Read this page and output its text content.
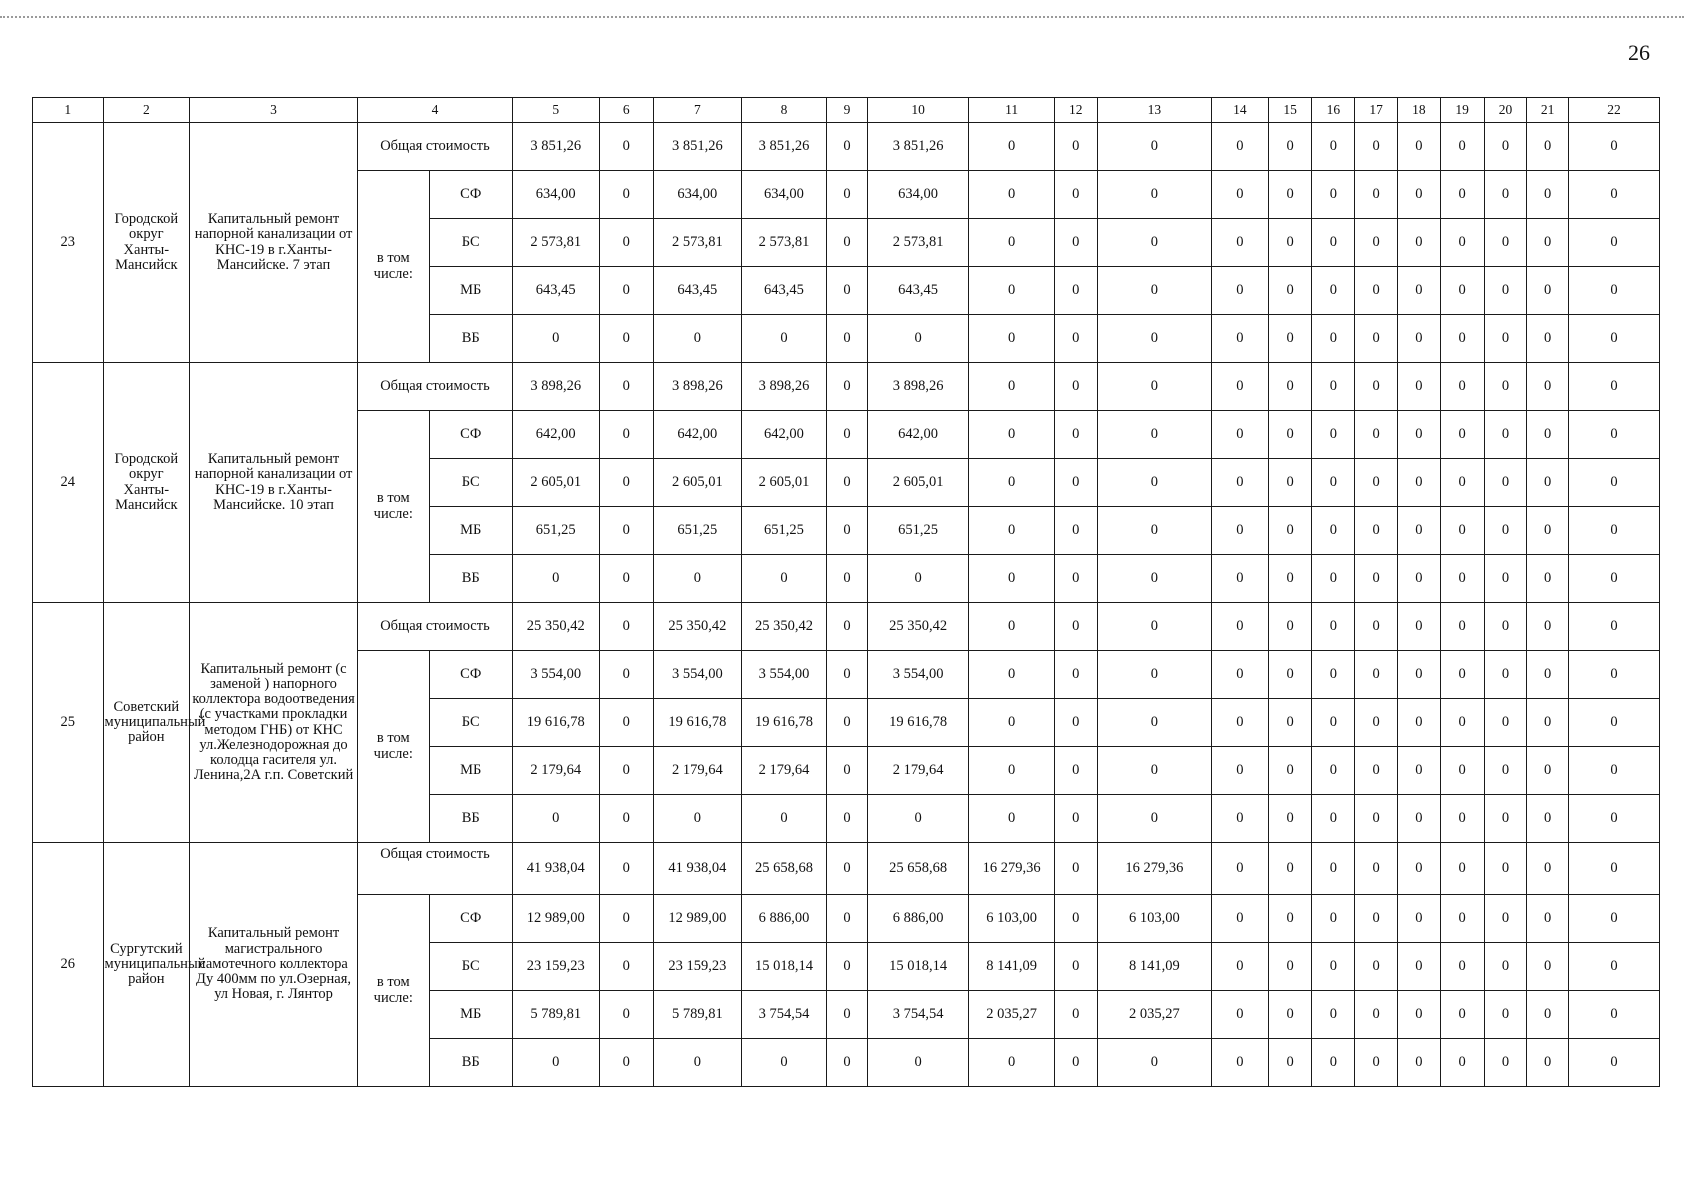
26
1	2	3	4		5	6	7	8	9	10	11	12	13	14	15	16	17	18	19	20	21	22
23	Городской округ Ханты-Мансийск	Капитальный ремонт напорной канализации от КНС-19 в г.Ханты-Мансийске. 7 этап	Общая стоимость		3 851,26	0	3 851,26	3 851,26	0	3 851,26	0	0	0	0	0	0	0	0	0	0	0	0
			в том числе:	СФ	634,00	0	634,00	634,00	0	634,00	0	0	0	0	0	0	0	0	0	0	0	0
				БС	2 573,81	0	2 573,81	2 573,81	0	2 573,81	0	0	0	0	0	0	0	0	0	0	0	0
				МБ	643,45	0	643,45	643,45	0	643,45	0	0	0	0	0	0	0	0	0	0	0	0
				ВБ	0	0	0	0	0	0	0	0	0	0	0	0	0	0	0	0	0	0
24	Городской округ Ханты-Мансийск	Капитальный ремонт напорной канализации от КНС-19 в г.Ханты-Мансийске. 10 этап	Общая стоимость		3 898,26	0	3 898,26	3 898,26	0	3 898,26	0	0	0	0	0	0	0	0	0	0	0	0
			в том числе:	СФ	642,00	0	642,00	642,00	0	642,00	0	0	0	0	0	0	0	0	0	0	0	0
				БС	2 605,01	0	2 605,01	2 605,01	0	2 605,01	0	0	0	0	0	0	0	0	0	0	0	0
				МБ	651,25	0	651,25	651,25	0	651,25	0	0	0	0	0	0	0	0	0	0	0	0
				ВБ	0	0	0	0	0	0	0	0	0	0	0	0	0	0	0	0	0	0
25	Советский муниципальный район	Капитальный ремонт (с заменой ) напорного коллектора водоотведения (с участками прокладки методом ГНБ) от КНС ул.Железнодорожная до колодца гасителя ул. Ленина,2А г.п. Советский	Общая стоимость		25 350,42	0	25 350,42	25 350,42	0	25 350,42	0	0	0	0	0	0	0	0	0	0	0	0
			в том числе:	СФ	3 554,00	0	3 554,00	3 554,00	0	3 554,00	0	0	0	0	0	0	0	0	0	0	0	0
				БС	19 616,78	0	19 616,78	19 616,78	0	19 616,78	0	0	0	0	0	0	0	0	0	0	0	0
				МБ	2 179,64	0	2 179,64	2 179,64	0	2 179,64	0	0	0	0	0	0	0	0	0	0	0	0
				ВБ	0	0	0	0	0	0	0	0	0	0	0	0	0	0	0	0	0	0
26	Сургутский муниципальный район	Капитальный ремонт магистрального самотечного коллектора Ду 400мм по ул.Озерная, ул Новая, г. Лянтор	Общая стоимость		41 938,04	0	41 938,04	25 658,68	0	25 658,68	16 279,36	0	16 279,36	0	0	0	0	0	0	0	0	0
			в том числе:	СФ	12 989,00	0	12 989,00	6 886,00	0	6 886,00	6 103,00	0	6 103,00	0	0	0	0	0	0	0	0	0
				БС	23 159,23	0	23 159,23	15 018,14	0	15 018,14	8 141,09	0	8 141,09	0	0	0	0	0	0	0	0	0
				МБ	5 789,81	0	5 789,81	3 754,54	0	3 754,54	2 035,27	0	2 035,27	0	0	0	0	0	0	0	0	0
				ВБ	0	0	0	0	0	0	0	0	0	0	0	0	0	0	0	0	0	0
